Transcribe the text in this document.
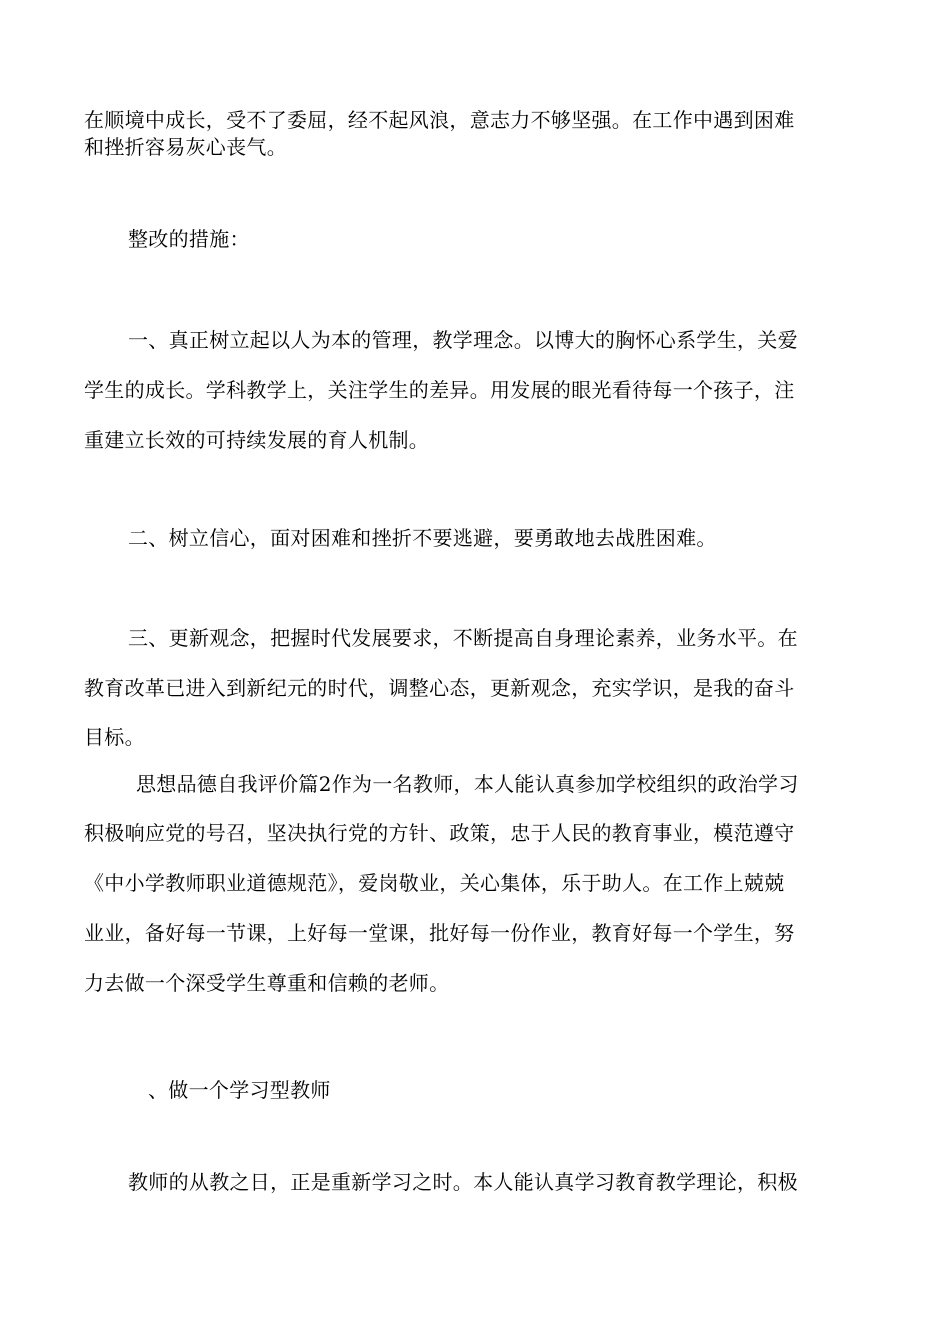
在顺境中成长，受不了委屈，经不起风浪，意志力不够坚强。在工作中遇到困难
和挫折容易灰心丧气。
整改的措施：
一、真正树立起以人为本的管理，教学理念。以博大的胸怀心系学生，关爱
学生的成长。学科教学上，关注学生的差异。用发展的眼光看待每一个孩子，注
重建立长效的可持续发展的育人机制。
二、树立信心，面对困难和挫折不要逃避，要勇敢地去战胜困难。
三、更新观念，把握时代发展要求，不断提高自身理论素养，业务水平。在
教育改革已进入到新纪元的时代，调整心态，更新观念，充实学识，是我的奋斗
目标。
思想品德自我评价篇2作为一名教师，本人能认真参加学校组织的政治学习
积极响应党的号召，坚决执行党的方针、政策，忠于人民的教育事业，模范遵守
《中小学教师职业道德规范》，爱岗敬业，关心集体，乐于助人。在工作上兢兢
业业，备好每一节课，上好每一堂课，批好每一份作业，教育好每一个学生，努
力去做一个深受学生尊重和信赖的老师。
、做一个学习型教师
教师的从教之日，正是重新学习之时。本人能认真学习教育教学理论，积极
